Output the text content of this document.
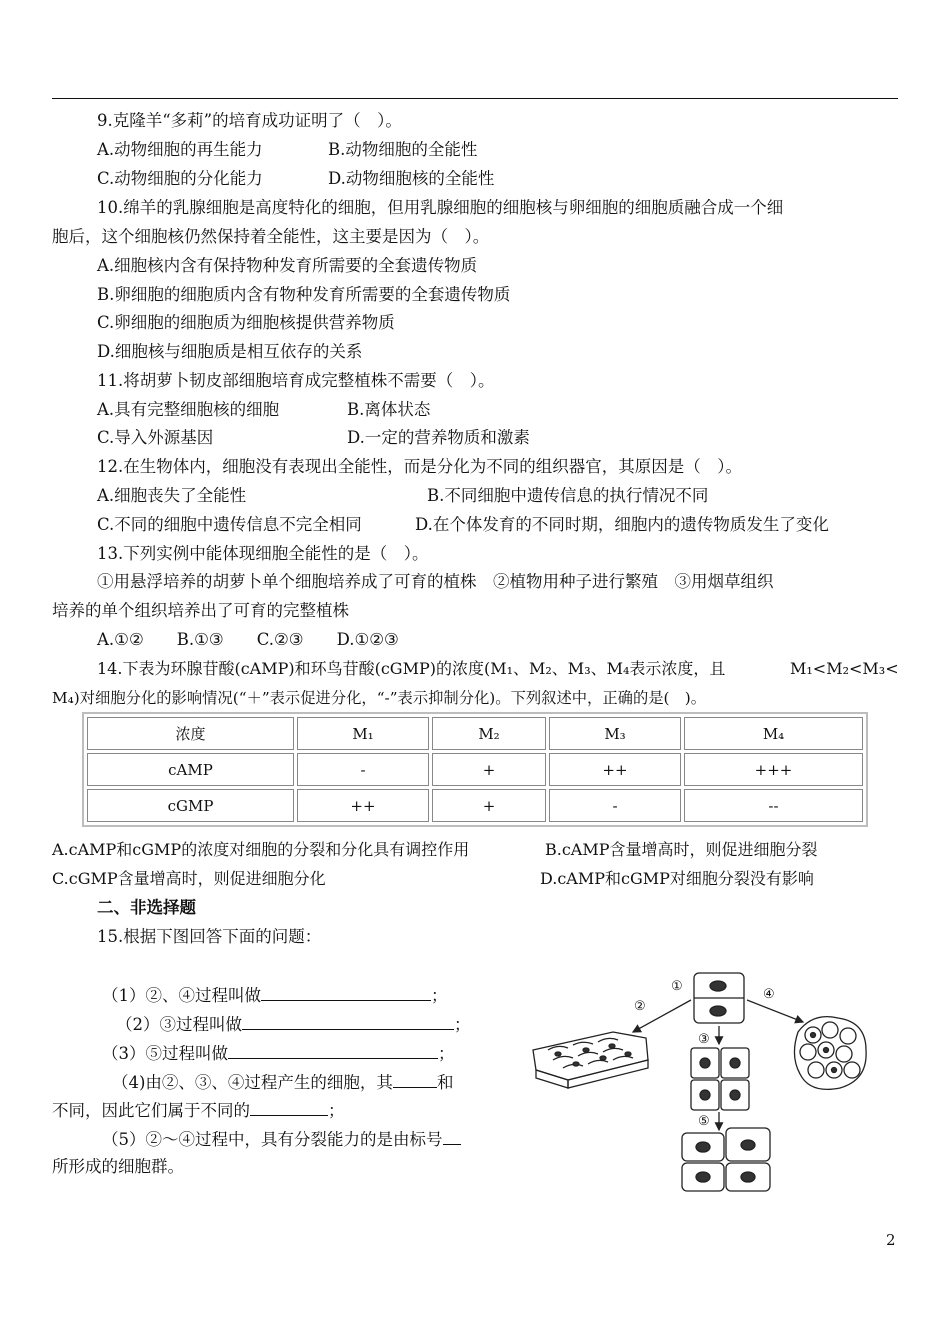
9.克隆羊“多莉”的培育成功证明了（　）。
A.动物细胞的再生能力	B.动物细胞的全能性
C.动物细胞的分化能力	D.动物细胞核的全能性
10.绵羊的乳腺细胞是高度特化的细胞，但用乳腺细胞的细胞核与卵细胞的细胞质融合成一个细
胞后，这个细胞核仍然保持着全能性，这主要是因为（　）。
A.细胞核内含有保持物种发育所需要的全套遗传物质
B.卵细胞的细胞质内含有物种发育所需要的全套遗传物质
C.卵细胞的细胞质为细胞核提供营养物质
D.细胞核与细胞质是相互依存的关系
11.将胡萝卜韧皮部细胞培育成完整植株不需要（　）。
A.具有完整细胞核的细胞	B.离体状态
C.导入外源基因	D.一定的营养物质和激素
12.在生物体内，细胞没有表现出全能性，而是分化为不同的组织器官，其原因是（　）。
A.细胞丧失了全能性	B.不同细胞中遗传信息的执行情况不同
C.不同的细胞中遗传信息不完全相同	D.在个体发育的不同时期，细胞内的遗传物质发生了变化
13.下列实例中能体现细胞全能性的是（　）。
①用悬浮培养的胡萝卜单个细胞培养成了可育的植株　②植物用种子进行繁殖　③用烟草组织
培养的单个组织培养出了可育的完整植株
A.①②　　B.①③　　C.②③　　D.①②③
14.下表为环腺苷酸(cAMP)和环鸟苷酸(cGMP)的浓度(M₁、M₂、M₃、M₄表示浓度，且	M₁<M₂<M₃<
M₄)对细胞分化的影响情况(“＋”表示促进分化，“-”表示抑制分化)。下列叙述中，正确的是(　)。
浓度	M₁	M₂	M₃	M₄
cAMP	-	+	++	+++
cGMP	++	+	-	--
A.cAMP和cGMP的浓度对细胞的分裂和分化具有调控作用	B.cAMP含量增高时，则促进细胞分裂
C.cGMP含量增高时，则促进细胞分化	D.cAMP和cGMP对细胞分裂没有影响
二、非选择题
15.根据下图回答下面的问题：
（1）②、④过程叫做	；
（2）③过程叫做	；
（3）⑤过程叫做	；
（4)由②、③、④过程产生的细胞，其	和
不同，因此它们属于不同的	；
（5）②～④过程中，具有分裂能力的是由标号
所形成的细胞群。
①
②
③
④
⑤
2
